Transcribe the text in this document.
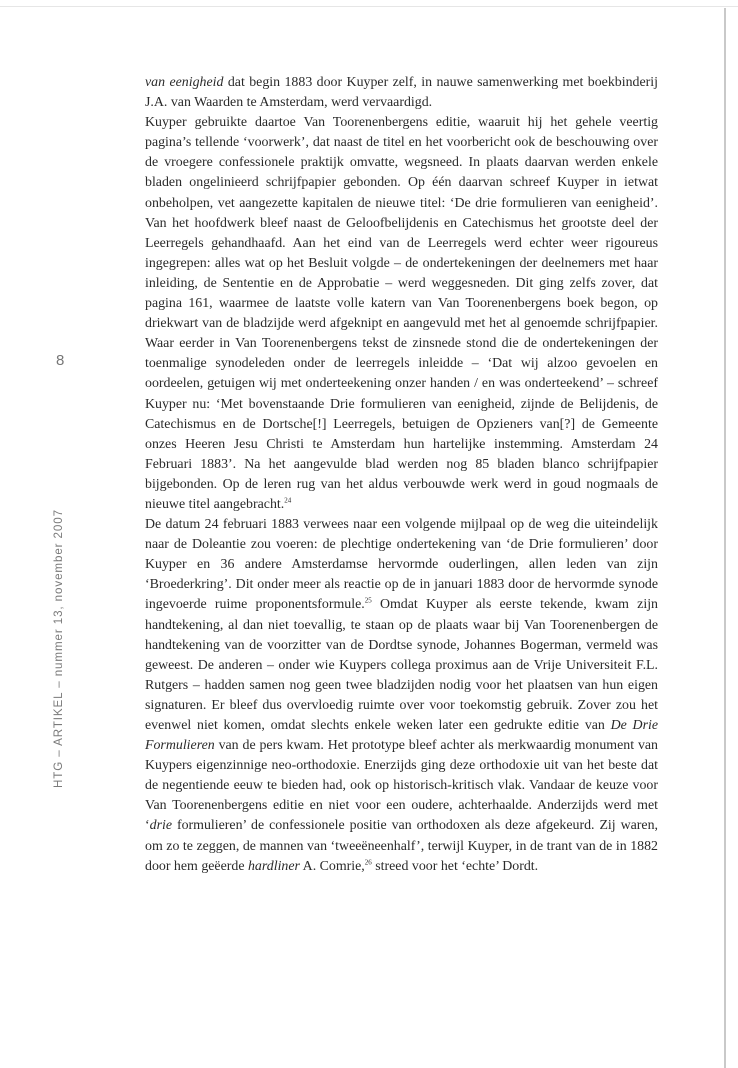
8
HTG – ARTIKEL – nummer 13, november 2007

van eenigheid dat begin 1883 door Kuyper zelf, in nauwe samenwerking met boekbinderij J.A. van Waarden te Amsterdam, werd vervaardigd.

Kuyper gebruikte daartoe Van Toorenenbergens editie, waaruit hij het gehele veertig pagina’s tellende ‘voorwerk’, dat naast de titel en het voorbericht ook de beschouwing over de vroegere confessionele praktijk omvatte, wegsneed. In plaats daarvan werden enkele bladen ongelinieerd schrijfpapier gebonden. Op één daarvan schreef Kuyper in ietwat onbeholpen, vet aangezette kapitalen de nieuwe titel: ‘De drie formulieren van eenigheid’. Van het hoofdwerk bleef naast de Geloofbelijdenis en Catechismus het grootste deel der Leerregels gehandhaafd. Aan het eind van de Leerregels werd echter weer rigoureus ingegrepen: alles wat op het Besluit volgde – de ondertekeningen der deelnemers met haar inleiding, de Sententie en de Approbatie – werd weggesneden. Dit ging zelfs zover, dat pagina 161, waarmee de laatste volle katern van Van Toorenenbergens boek begon, op driekwart van de bladzijde werd afgeknipt en aangevuld met het al genoemde schrijfpapier. Waar eerder in Van Toorenenbergens tekst de zinsnede stond die de ondertekeningen der toenmalige synodeleden onder de leerregels inleidde – ‘Dat wij alzoo gevoelen en oordeelen, getuigen wij met onderteekening onzer handen / en was onderteekend’ – schreef Kuyper nu: ‘Met bovenstaande Drie formulieren van eenigheid, zijnde de Belijdenis, de Catechismus en de Dortsche[!] Leerregels, betuigen de Opzieners van[?] de Gemeente onzes Heeren Jesu Christi te Amsterdam hun hartelijke instemming. Amsterdam 24 Februari 1883’. Na het aangevulde blad werden nog 85 bladen blanco schrijfpapier bijgebonden. Op de leren rug van het aldus verbouwde werk werd in goud nogmaals de nieuwe titel aangebracht.$^{24}$

De datum 24 februari 1883 verwees naar een volgende mijlpaal op de weg die uiteindelijk naar de Doleantie zou voeren: de plechtige ondertekening van ‘de Drie formulieren’ door Kuyper en 36 andere Amsterdamse hervormde ouderlingen, allen leden van zijn ‘Broederkring’. Dit onder meer als reactie op de in januari 1883 door de hervormde synode ingevoerde ruime proponentsformule.$^{25}$ Omdat Kuyper als eerste tekende, kwam zijn handtekening, al dan niet toevallig, te staan op de plaats waar bij Van Toorenenbergen de handtekening van de voorzitter van de Dordtse synode, Johannes Bogerman, vermeld was geweest. De anderen – onder wie Kuypers collega proximus aan de Vrije Universiteit F.L. Rutgers – hadden samen nog geen twee bladzijden nodig voor het plaatsen van hun eigen signaturen. Er bleef dus overvloedig ruimte over voor toekomstig gebruik. Zover zou het evenwel niet komen, omdat slechts enkele weken later een gedrukte editie van De Drie Formulieren van de pers kwam. Het prototype bleef achter als merkwaardig monument van Kuypers eigenzinnige neo-orthodoxie. Enerzijds ging deze orthodoxie uit van het beste dat de negentiende eeuw te bieden had, ook op historisch-kritisch vlak. Vandaar de keuze voor Van Toorenenbergens editie en niet voor een oudere, achterhaalde. Anderzijds werd met ‘drie formulieren’ de confessionele positie van orthodoxen als deze afgekeurd. Zij waren, om zo te zeggen, de mannen van ‘tweeëneenhalf’, terwijl Kuyper, in de trant van de in 1882 door hem geëerde hardliner A. Comrie,$^{26}$ streed voor het ‘echte’ Dordt.
